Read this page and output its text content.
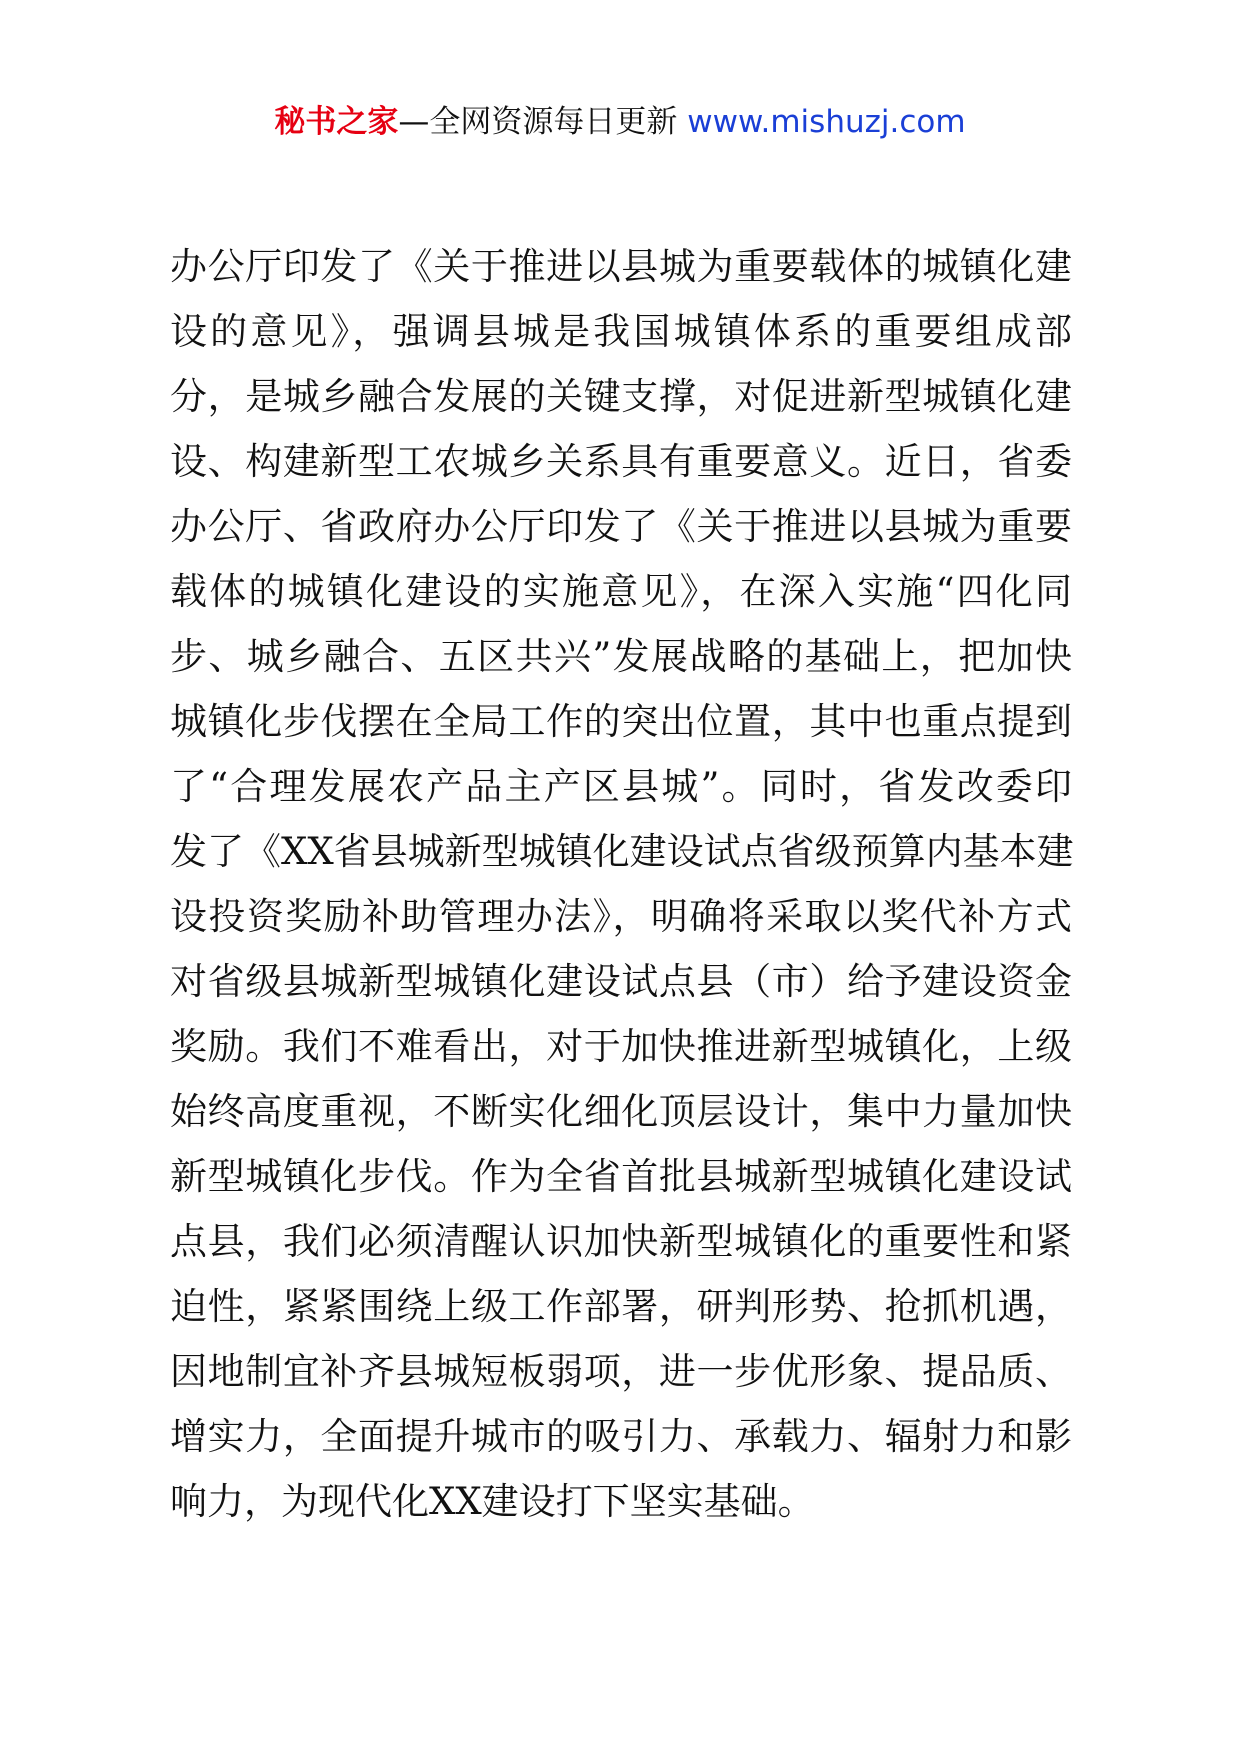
秘书之家—全网资源每日更新 www.mishuzj.com
办公厅印发了《关于推进以县城为重要载体的城镇化建
设的意见》，强调县城是我国城镇体系的重要组成部
分，是城乡融合发展的关键支撑，对促进新型城镇化建
设、构建新型工农城乡关系具有重要意义。近日，省委
办公厅、省政府办公厅印发了《关于推进以县城为重要
载体的城镇化建设的实施意见》，在深入实施“四化同
步、城乡融合、五区共兴”发展战略的基础上，把加快
城镇化步伐摆在全局工作的突出位置，其中也重点提到
了“合理发展农产品主产区县城”。同时，省发改委印
发了《XX省县城新型城镇化建设试点省级预算内基本建
设投资奖励补助管理办法》，明确将采取以奖代补方式
对省级县城新型城镇化建设试点县（市）给予建设资金
奖励。我们不难看出，对于加快推进新型城镇化，上级
始终高度重视，不断实化细化顶层设计，集中力量加快
新型城镇化步伐。作为全省首批县城新型城镇化建设试
点县，我们必须清醒认识加快新型城镇化的重要性和紧
迫性，紧紧围绕上级工作部署，研判形势、抢抓机遇，
因地制宜补齐县城短板弱项，进一步优形象、提品质、
增实力，全面提升城市的吸引力、承载力、辐射力和影
响力，为现代化XX建设打下坚实基础。
